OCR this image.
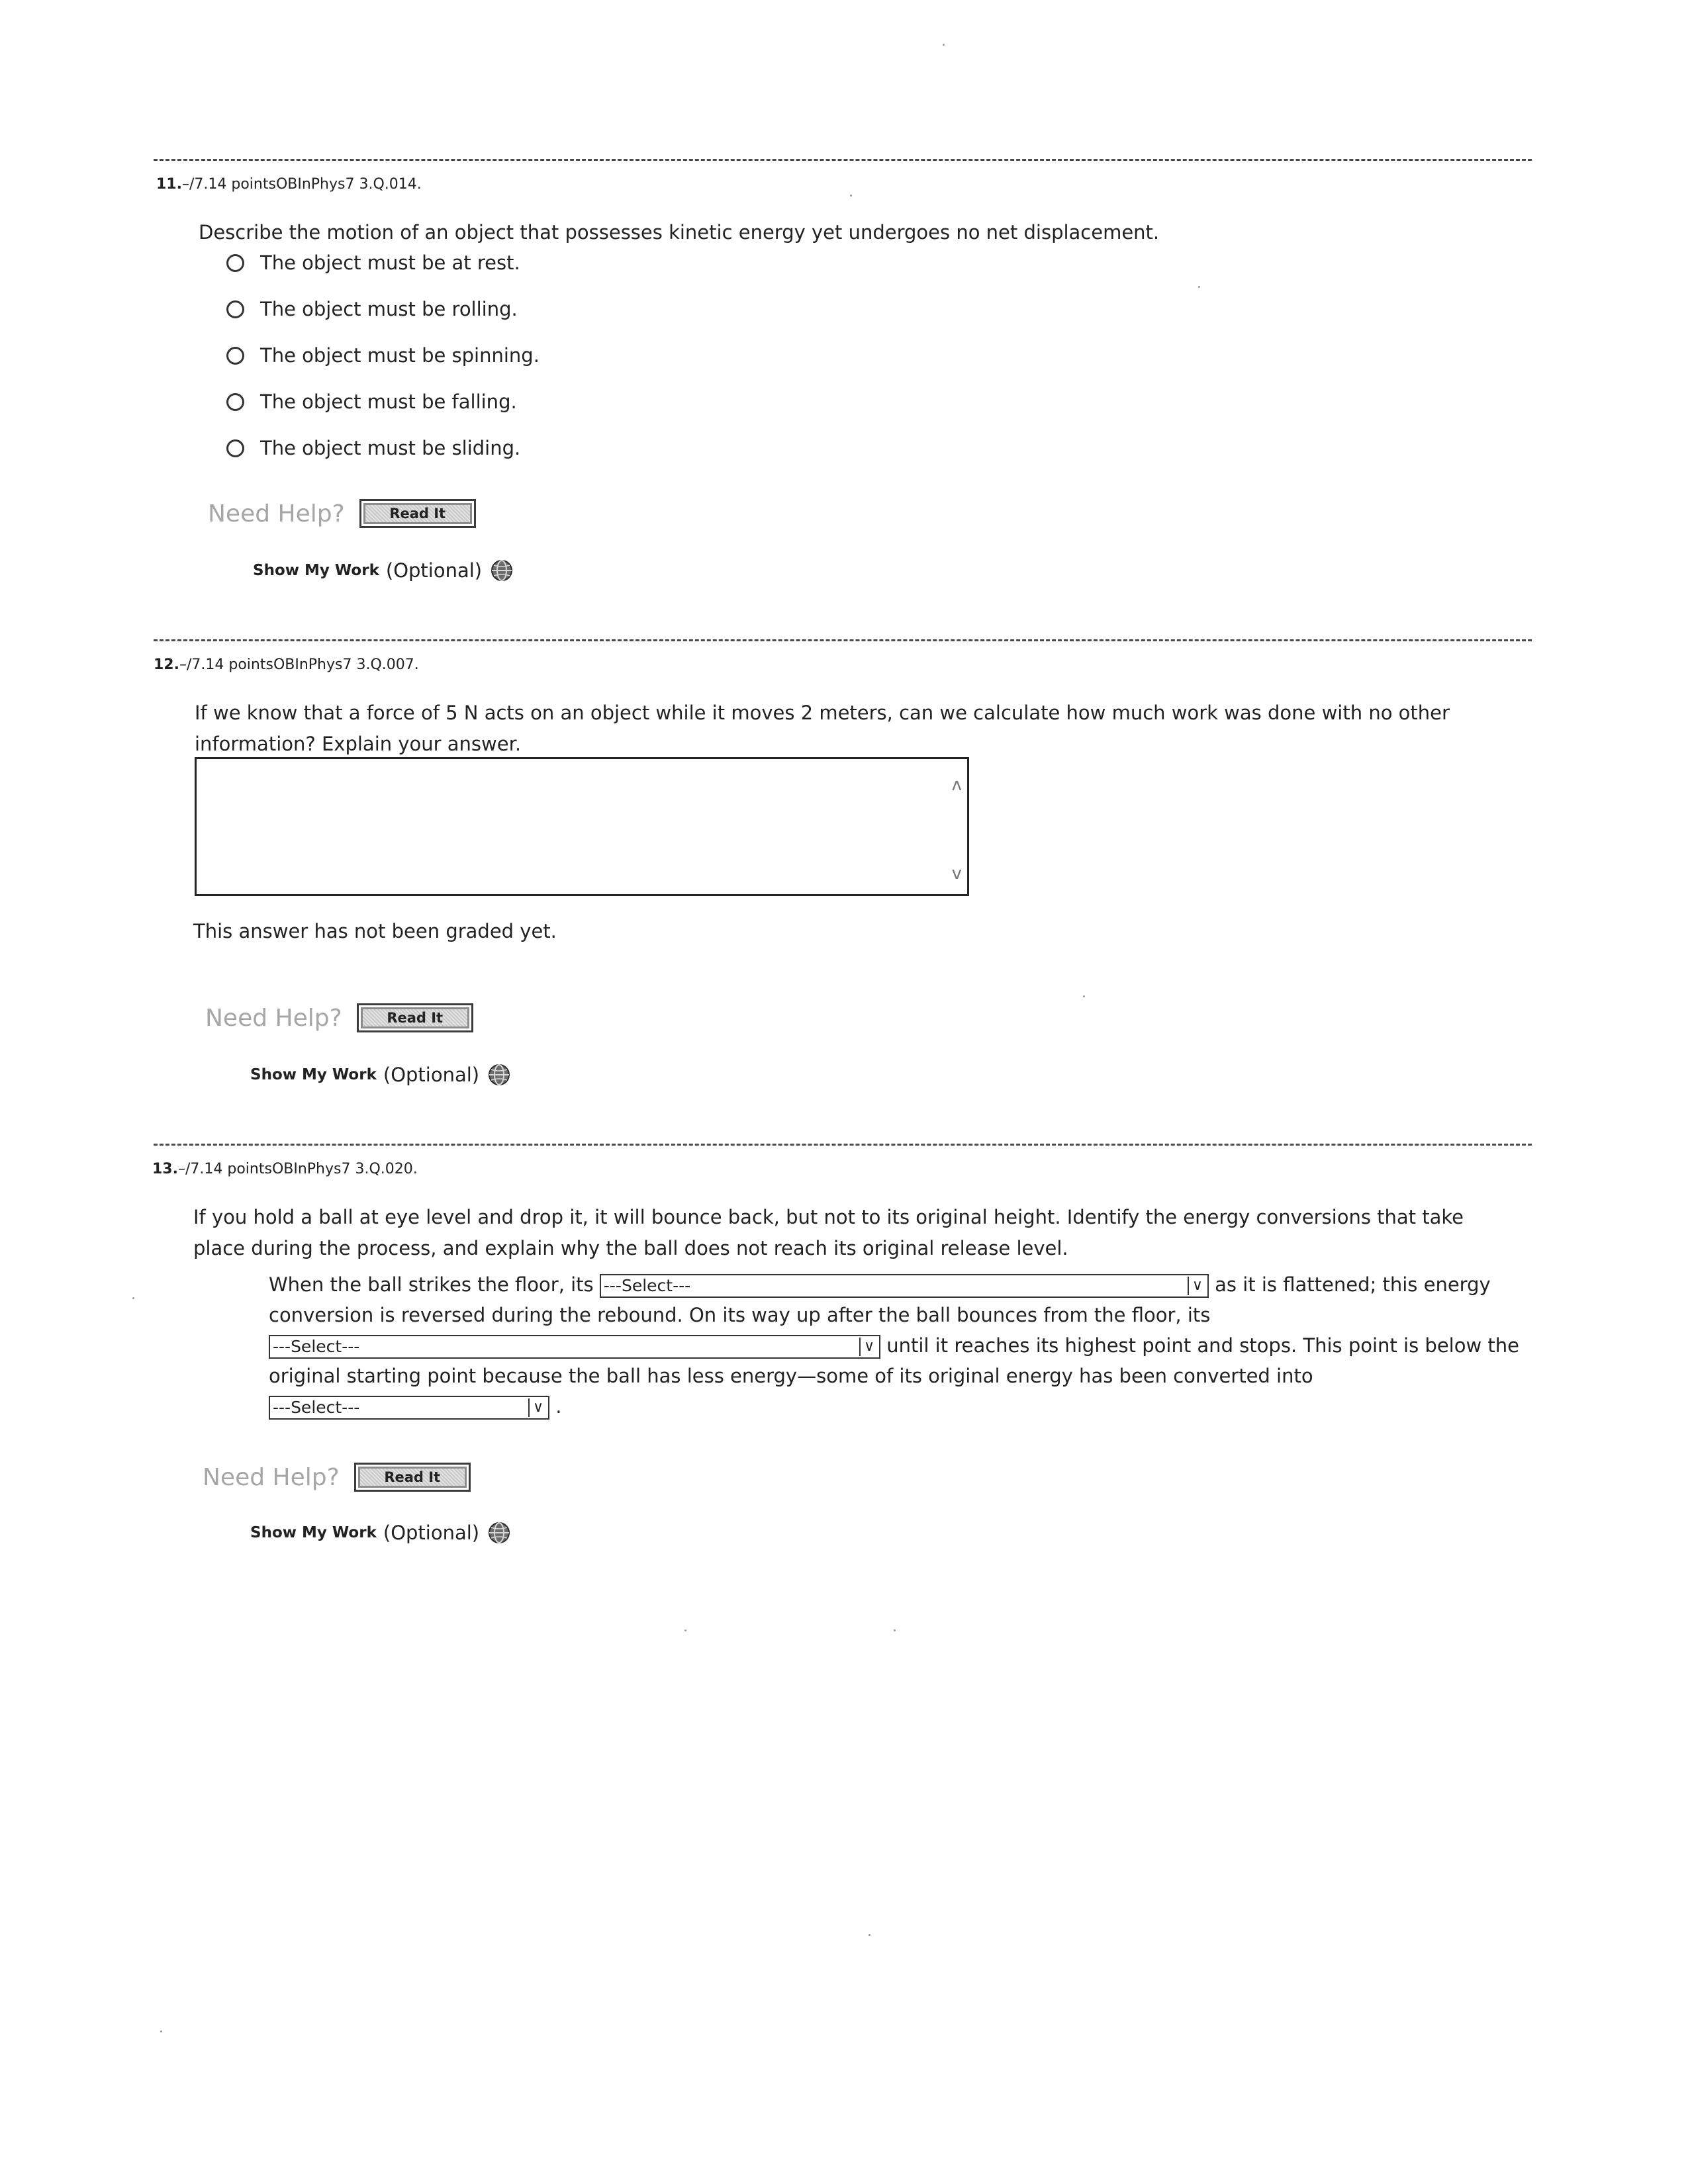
11.–/7.14 pointsOBInPhys7 3.Q.014.
Describe the motion of an object that possesses kinetic energy yet undergoes no net displacement.
The object must be at rest.
The object must be rolling.
The object must be spinning.
The object must be falling.
The object must be sliding.
Need Help?	Read It
Show My Work (Optional)
12.–/7.14 pointsOBInPhys7 3.Q.007.
If we know that a force of 5 N acts on an object while it moves 2 meters, can we calculate how much work was done with no other
information? Explain your answer.
ʌ
v
This answer has not been graded yet.
Need Help?	Read It
Show My Work (Optional)
13.–/7.14 pointsOBInPhys7 3.Q.020.
If you hold a ball at eye level and drop it, it will bounce back, but not to its original height. Identify the energy conversions that take
place during the process, and explain why the ball does not reach its original release level.
When the ball strikes the floor, its ---Select---	∨ as it is flattened; this energy conversion is reversed during the rebound. On its way up after the ball bounces from the floor, its
---Select---	∨ until it reaches its highest point and stops. This point is below the original starting point because the ball has less energy—some of its original energy has been converted into
---Select---	∨ .
Need Help?	Read It
Show My Work (Optional)
